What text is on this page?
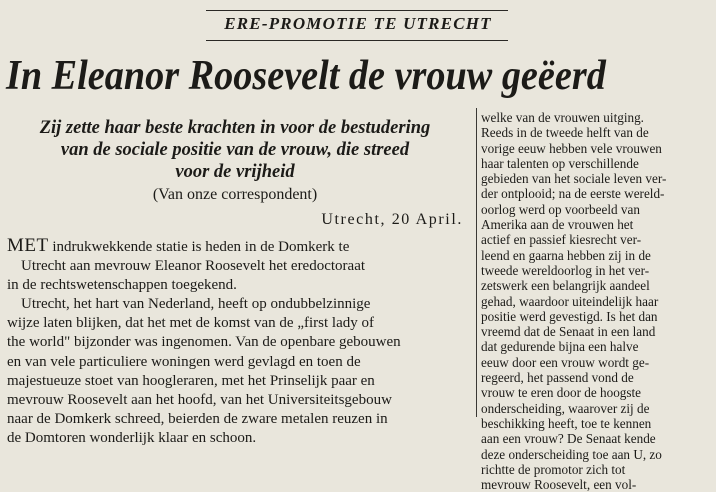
ERE-PROMOTIE TE UTRECHT
In Eleanor Roosevelt de vrouw geëerd
Zij zette haar beste krachten in voor de bestudering
van de sociale positie van de vrouw, die streed
voor de vrijheid
(Van onze correspondent)
Utrecht, 20 April.
MET indrukwekkende statie is heden in de Domkerk te
Utrecht aan mevrouw Eleanor Roosevelt het eredoctoraat
in de rechtswetenschappen toegekend.
Utrecht, het hart van Nederland, heeft op ondubbelzinnige
wijze laten blijken, dat het met de komst van de „first lady of
the world" bijzonder was ingenomen. Van de openbare gebouwen
en van vele particuliere woningen werd gevlagd en toen de
majestueuze stoet van hoogleraren, met het Prinselijk paar en
mevrouw Roosevelt aan het hoofd, van het Universiteitsgebouw
naar de Domkerk schreed, beierden de zware metalen reuzen in
de Domtoren wonderlijk klaar en schoon.
welke van de vrouwen uitging.
Reeds in de tweede helft van de
vorige eeuw hebben vele vrouwen
haar talenten op verschillende
gebieden van het sociale leven ver-
der ontplooid; na de eerste wereld-
oorlog werd op voorbeeld van
Amerika aan de vrouwen het
actief en passief kiesrecht ver-
leend en gaarna hebben zij in de
tweede wereldoorlog in het ver-
zetswerk een belangrijk aandeel
gehad, waardoor uiteindelijk haar
positie werd gevestigd. Is het dan
vreemd dat de Senaat in een land
dat gedurende bijna een halve
eeuw door een vrouw wordt ge-
regeerd, het passend vond de
vrouw te eren door de hoogste
onderscheiding, waarover zij de
beschikking heeft, toe te kennen
aan een vrouw? De Senaat kende
deze onderscheiding toe aan U, zo
richtte de promotor zich tot
mevrouw Roosevelt, een vol-
